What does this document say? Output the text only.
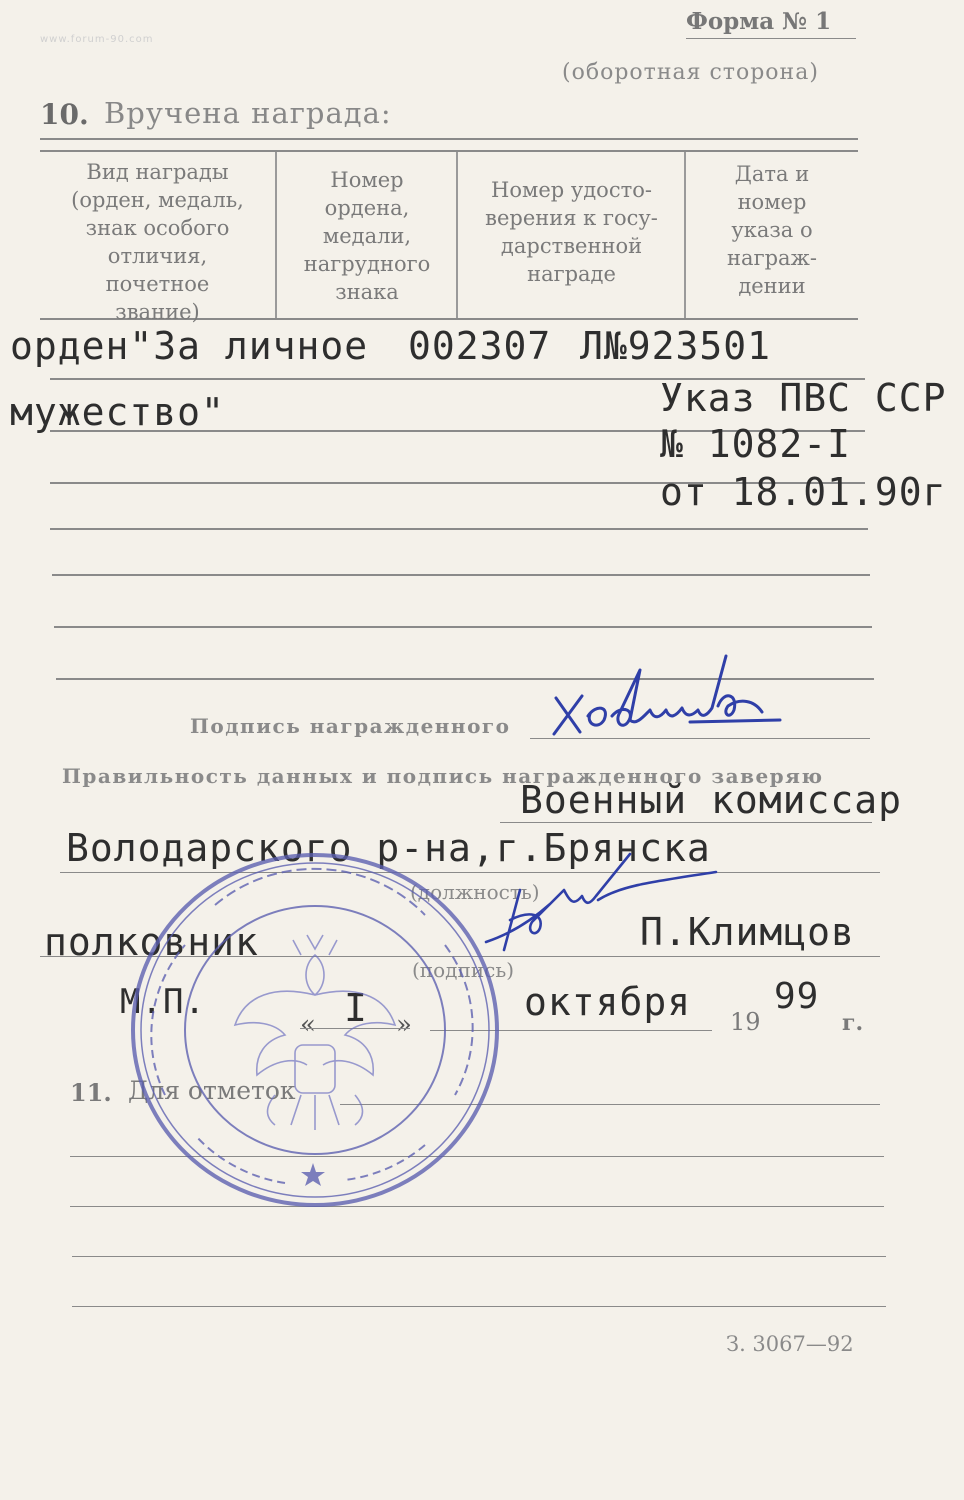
www.forum-90.com
Форма № 1
(оборотная сторона)
10. Вручена награда:
Вид награды
(орден, медаль,
знак особого
отличия,
почетное
звание)
Номер
ордена,
медали,
нагрудного
знака
Номер удосто-
верения к госу-
дарственной
награде
Дата и
номер
указа о
награж-
дении
орден"За личное 002307 Л№923501
мужество"	Указ ПВС ССР
№ 1082-I
от 18.01.90г
Подпись награжденного
Правильность данных и подпись награжденного заверяю
Военный комиссар
Володарского р-на,г.Брянска
(должность)
полковник	П.Климцов
(подпись)
М.П.
« I »
октября 19
99
г.
11. Для отметок
З. 3067—92
